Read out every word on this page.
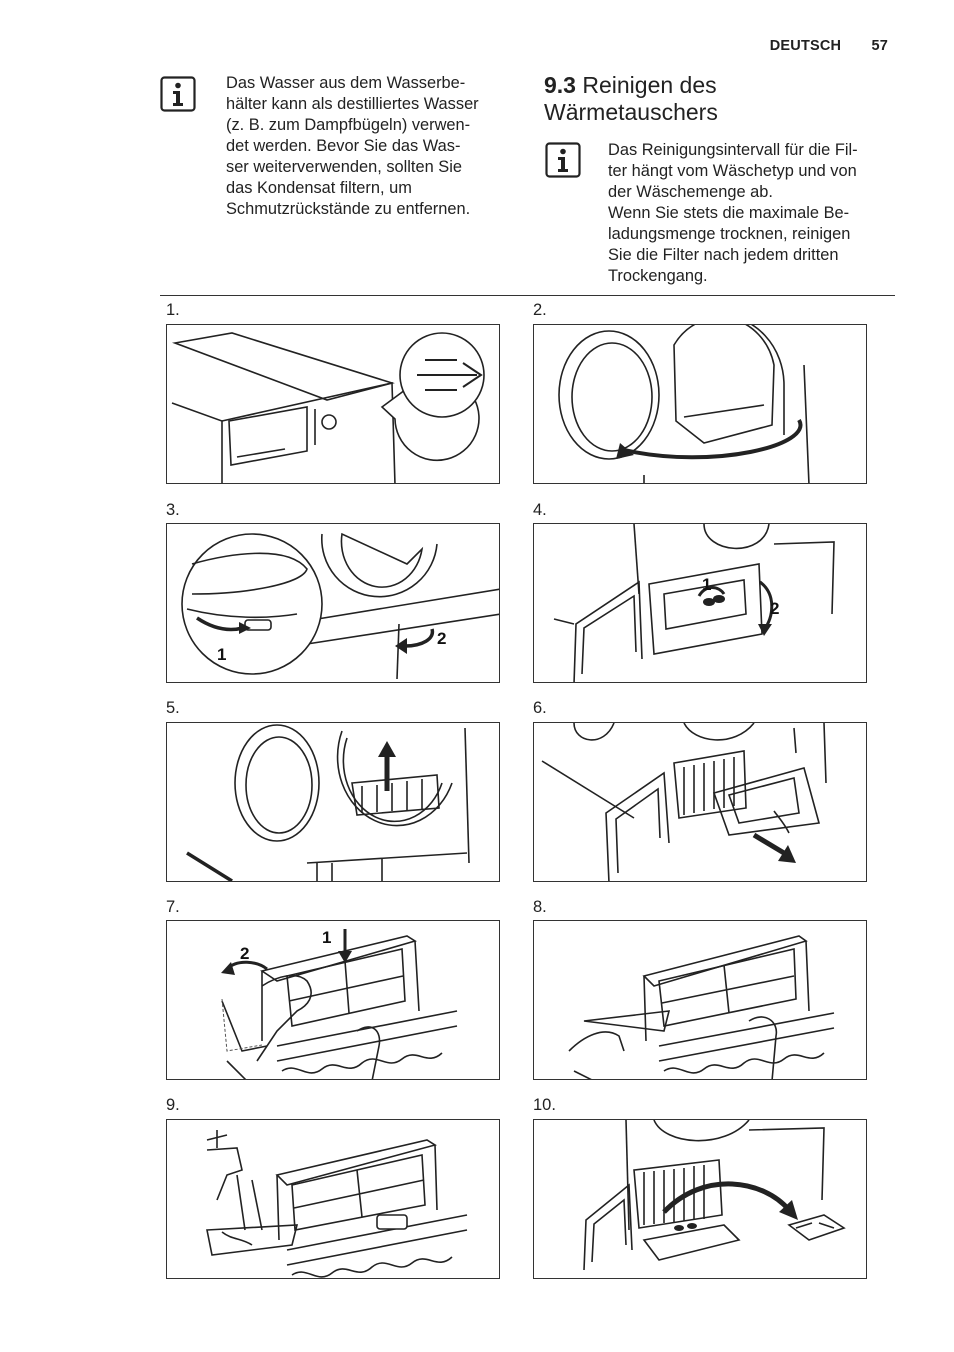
DEUTSCH 57
Das Wasser aus dem Wasserbe-
hälter kann als destilliertes Wasser
(z. B. zum Dampfbügeln) verwen-
det werden. Bevor Sie das Was-
ser weiterverwenden, sollten Sie
das Kondensat filtern, um
Schmutzrückstände zu entfernen.
9.3 Reinigen des
Wärmetauschers
Das Reinigungsintervall für die Fil-
ter hängt vom Wäschetyp und von
der Wäschemenge ab.
Wenn Sie stets die maximale Be-
ladungsmenge trocknen, reinigen
Sie die Filter nach jedem dritten
Trockengang.
1.	2.
3.	4.
5.	6.
7.	8.
9.	10.
2
1
1
2
1
2
